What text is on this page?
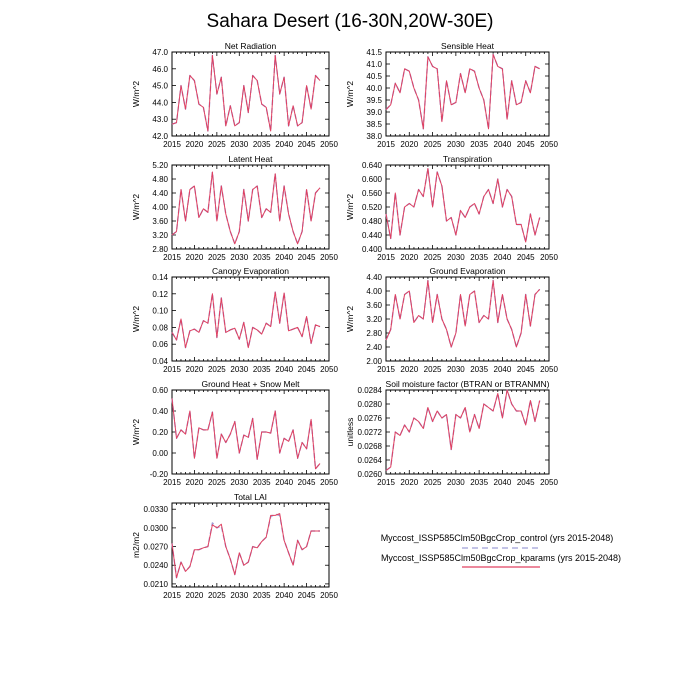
Sahara Desert (16-30N,20W-30E)
Net Radiation
W/m^2
2015 2020 2025 2030 2035 2040 2045 2050
42.0
43.0
44.0
45.0
46.0
47.0
Sensible Heat
W/m^2
2015 2020 2025 2030 2035 2040 2045 2050
38.0
38.5
39.0
39.5
40.0
40.5
41.0
41.5
Latent Heat
W/m^2
2015 2020 2025 2030 2035 2040 2045 2050
2.80
3.20
3.60
4.00
4.40
4.80
5.20
Transpiration
W/m^2
2015 2020 2025 2030 2035 2040 2045 2050
0.400
0.440
0.480
0.520
0.560
0.600
0.640
Canopy Evaporation
W/m^2
2015 2020 2025 2030 2035 2040 2045 2050
0.04
0.06
0.08
0.10
0.12
0.14
Ground Evaporation
W/m^2
2015 2020 2025 2030 2035 2040 2045 2050
2.00
2.40
2.80
3.20
3.60
4.00
4.40
Ground Heat + Snow Melt
W/m^2
2015 2020 2025 2030 2035 2040 2045 2050
-0.20
0.00
0.20
0.40
0.60
Soil moisture factor (BTRAN or BTRANMN)
unitless
2015 2020 2025 2030 2035 2040 2045 2050
0.0260
0.0264
0.0268
0.0272
0.0276
0.0280
0.0284
Total LAI
m2/m2
2015 2020 2025 2030 2035 2040 2045 2050
0.0210
0.0240
0.0270
0.0300
0.0330
Myccost_ISSP585Clm50BgcCrop_control (yrs 2015-2048)
Myccost_ISSP585Clm50BgcCrop_kparams (yrs 2015-2048)
